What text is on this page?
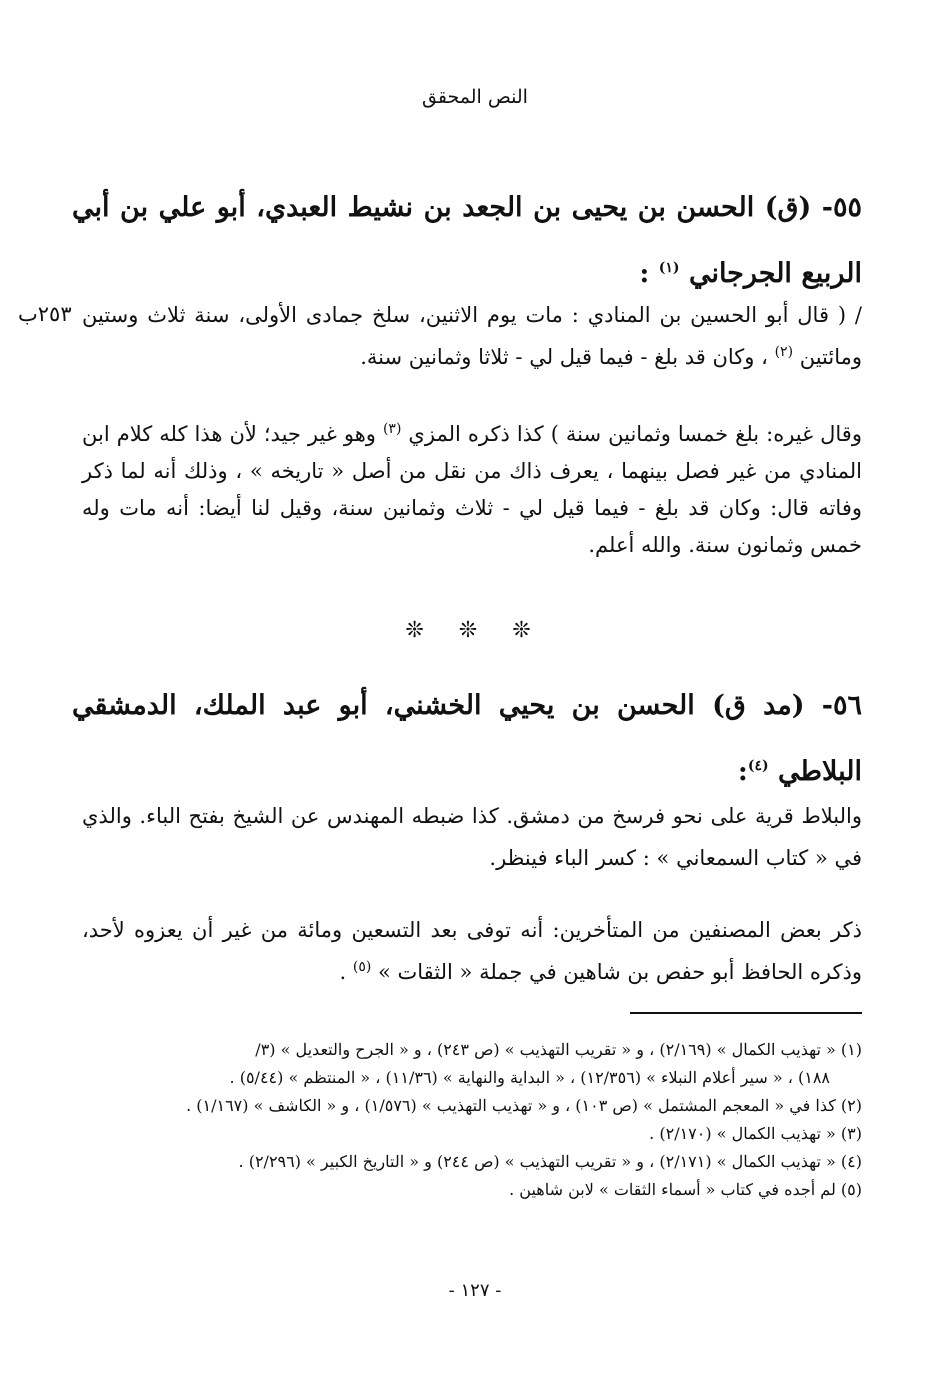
النص المحقق
٥٥- (ق) الحسن بن يحيى بن الجعد بن نشيط العبدي، أبو علي بن أبي الربيع الجرجاني $^{(١)}$ :

/ ( قال أبو الحسين بن المنادي : مات يوم الاثنين، سلخ جمادى الأولى، سنة ثلاث وستين ومائتين $^{(٢)}$ ، وكان قد بلغ - فيما قيل لي - ثلاثا وثمانين سنة.

٢٥٣ب

وقال غيره: بلغ خمسا وثمانين سنة ) كذا ذكره المزي $^{(٣)}$ وهو غير جيد؛ لأن هذا كله كلام ابن المنادي من غير فصل بينهما ، يعرف ذاك من نقل من أصل « تاريخه » ، وذلك أنه لما ذكر وفاته قال: وكان قد بلغ - فيما قيل لي - ثلاث وثمانين سنة، وقيل لنا أيضا: أنه مات وله خمس وثمانون سنة. والله أعلم.

❊ ❊ ❊
٥٦- (مد ق) الحسن بن يحيي الخشني، أبو عبد الملك، الدمشقي البلاطي $^{(٤)}$:

والبلاط قرية على نحو فرسخ من دمشق. كذا ضبطه المهندس عن الشيخ بفتح الباء. والذي في « كتاب السمعاني » : كسر الباء فينظر.

ذكر بعض المصنفين من المتأخرين: أنه توفى بعد التسعين ومائة من غير أن يعزوه لأحد، وذكره الحافظ أبو حفص بن شاهين في جملة « الثقات » $^{(٥)}$ .

(١) « تهذيب الكمال » (٢/١٦٩) ، و « تقريب التهذيب » (ص ٢٤٣) ، و « الجرح والتعديل » (٣/

١٨٨) ، « سير أعلام النبلاء » (١٢/٣٥٦) ، « البداية والنهاية » (١١/٣٦) ، « المنتظم » (٥/٤٤) .

(٢) كذا في « المعجم المشتمل » (ص ١٠٣) ، و « تهذيب التهذيب » (١/٥٧٦) ، و « الكاشف » (١/١٦٧) .

(٣) « تهذيب الكمال » (٢/١٧٠) .

(٤) « تهذيب الكمال » (٢/١٧١) ، و « تقريب التهذيب » (ص ٢٤٤) و « التاريخ الكبير » (٢/٢٩٦) .

(٥) لم أجده في كتاب « أسماء الثقات » لابن شاهين .

- ١٢٧ -
